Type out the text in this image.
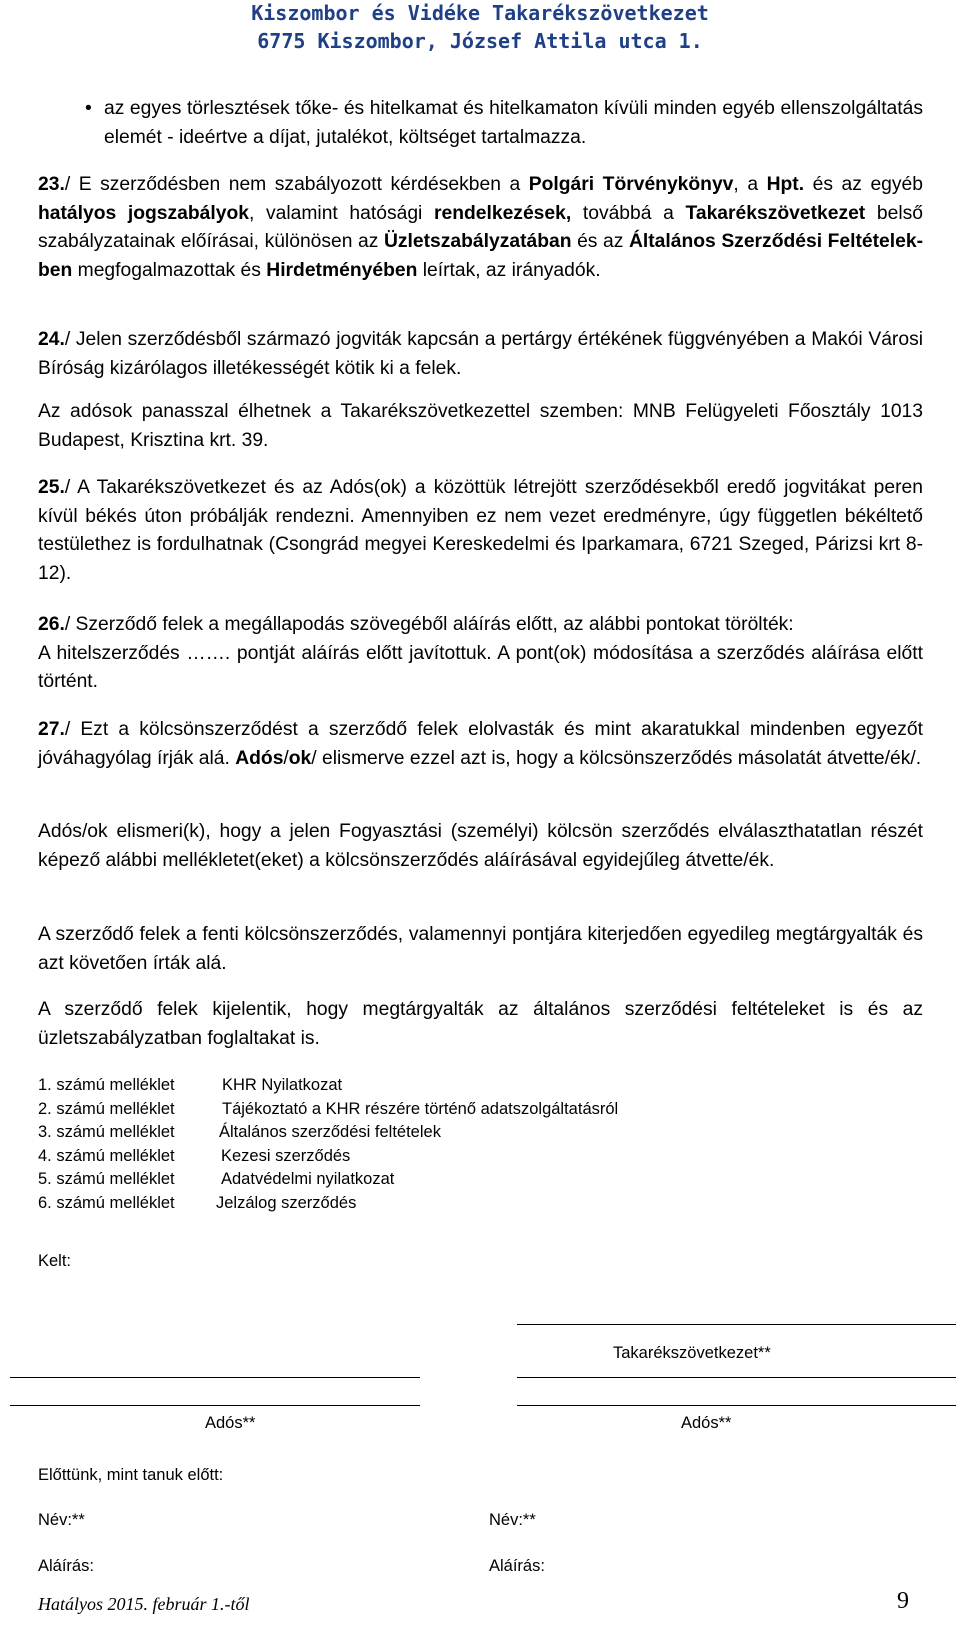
Kiszombor és Vidéke Takarékszövetkezet
6775 Kiszombor, József Attila utca 1.
• az egyes törlesztések tőke- és hitelkamat és hitelkamaton kívüli minden egyéb ellenszolgáltatás elemét - ideértve a díjat, jutalékot, költséget tartalmazza.

23./ E szerződésben nem szabályozott kérdésekben a Polgári Törvénykönyv, a Hpt. és az egyéb hatályos jogszabályok, valamint hatósági rendelkezések, továbbá a Takarékszövetkezet belső szabályzatainak előírásai, különösen az Üzletszabályzatában és az Általános Szerződési Feltételek-ben megfogalmazottak és Hirdetményében leírtak, az irányadók.

24./ Jelen szerződésből származó jogviták kapcsán a pertárgy értékének függvényében a Makói Városi Bíróság kizárólagos illetékességét kötik ki a felek.

Az adósok panasszal élhetnek a Takarékszövetkezettel szemben: MNB Felügyeleti Főosztály 1013 Budapest, Krisztina krt. 39.

25./ A Takarékszövetkezet és az Adós(ok) a közöttük létrejött szerződésekből eredő jogvitákat peren kívül békés úton próbálják rendezni. Amennyiben ez nem vezet eredményre, úgy független békéltető testülethez is fordulhatnak (Csongrád megyei Kereskedelmi és Iparkamara, 6721 Szeged, Párizsi krt 8-12).

26./ Szerződő felek a megállapodás szövegéből aláírás előtt, az alábbi pontokat törölték:
A hitelszerződés ……. pontját aláírás előtt javítottuk. A pont(ok) módosítása a szerződés aláírása előtt történt.

27./ Ezt a kölcsönszerződést a szerződő felek elolvasták és mint akaratukkal mindenben egyezőt jóváhagyólag írják alá. Adós/ok/ elismerve ezzel azt is, hogy a kölcsönszerződés másolatát átvette/ék/.

Adós/ok elismeri(k), hogy a jelen Fogyasztási (személyi) kölcsön szerződés elválaszthatatlan részét képező alábbi mellékletet(eket) a kölcsönszerződés aláírásával egyidejűleg átvette/ék.

A szerződő felek a fenti kölcsönszerződés, valamennyi pontjára kiterjedően egyedileg megtárgyalták és azt követően írták alá.

A szerződő felek kijelentik, hogy megtárgyalták az általános szerződési feltételeket is és az üzletszabályzatban foglaltakat is.

1. számú melléklet	KHR Nyilatkozat
2. számú melléklet	Tájékoztató a KHR részére történő adatszolgáltatásról
3. számú melléklet	Általános szerződési feltételek
4. számú melléklet	Kezesi szerződés
5. számú melléklet	Adatvédelmi nyilatkozat
6. számú melléklet	Jelzálog szerződés
Kelt:
Takarékszövetkezet**
Adós**	Adós**
Előttünk, mint tanuk előtt:
Név:**	Név:**
Aláírás:	Aláírás:
Hatályos 2015. február 1.-től	9
